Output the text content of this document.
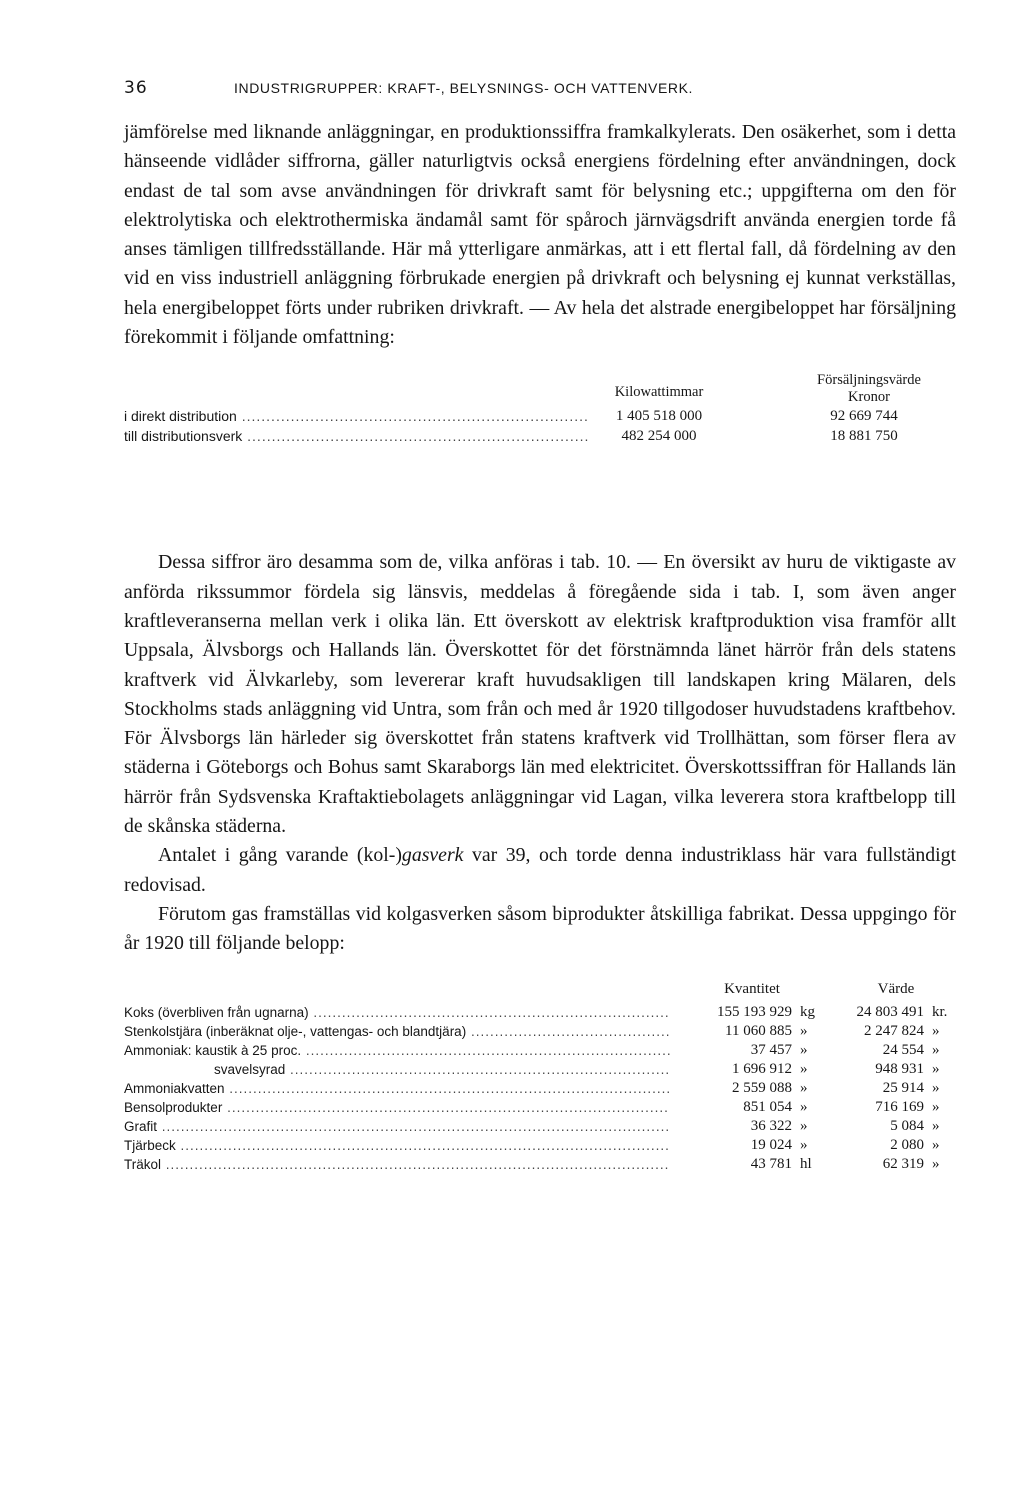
36	INDUSTRIGRUPPER: KRAFT-, BELYSNINGS- OCH VATTENVERK.

jämförelse med liknande anläggningar, en produktionssiffra framkalkylerats. Den osäkerhet, som i detta hänseende vidlåder siffrorna, gäller naturligtvis också energiens fördelning efter användningen, dock endast de tal som avse användningen för drivkraft samt för belysning etc.; uppgifterna om den för elektrolytiska och elektrothermiska ändamål samt för spåroch järnvägsdrift använda energien torde få anses tämligen tillfredsställande. Här må ytterligare anmärkas, att i ett flertal fall, då fördelning av den vid en viss industriell anläggning förbrukade energien på drivkraft och belysning ej kunnat verkställas, hela energibeloppet förts under rubriken drivkraft. — Av hela det alstrade energibeloppet har försäljning förekommit i följande omfattning:

Kilowattimmar
Försäljningsvärde
Kronor
i direkt distribution .....	1 405 518 000	92 669 744
till distributionsverk .....	482 254 000	18 881 750

Dessa siffror äro desamma som de, vilka anföras i tab. 10. — En översikt av huru de viktigaste av anförda rikssummor fördela sig länsvis, meddelas å föregående sida i tab. I, som även anger kraftleveranserna mellan verk i olika län. Ett överskott av elektrisk kraftproduktion visa framför allt Uppsala, Älvsborgs och Hallands län. Överskottet för det förstnämnda länet härrör från dels statens kraftverk vid Älvkarleby, som levererar kraft huvudsakligen till landskapen kring Mälaren, dels Stockholms stads anläggning vid Untra, som från och med år 1920 tillgodoser huvudstadens kraftbehov. För Älvsborgs län härleder sig överskottet från statens kraftverk vid Trollhättan, som förser flera av städerna i Göteborgs och Bohus samt Skaraborgs län med elektricitet. Överskottssiffran för Hallands län härrör från Sydsvenska Kraftaktiebolagets anläggningar vid Lagan, vilka leverera stora kraftbelopp till de skånska städerna.

Antalet i gång varande (kol-)gasverk var 39, och torde denna industriklass här vara fullständigt redovisad.

Förutom gas framställas vid kolgasverken såsom biprodukter åtskilliga fabrikat. Dessa uppgingo för år 1920 till följande belopp:

Kvantitet	Värde
Koks (överbliven från ugnarna) .....	155 193 929 kg	24 803 491 kr.
Stenkolstjära (inberäknat olje-, vattengas- och blandtjära) .....	11 060 885 »	2 247 824 »
Ammoniak: kaustik à 25 proc. .....	37 457 »	24 554 »
svavelsyrad .....	1 696 912 »	948 931 »
Ammoniakvatten .....	2 559 088 »	25 914 »
Bensolprodukter .....	851 054 »	716 169 »
Grafit .....	36 322 »	5 084 »
Tjärbeck .....	19 024 »	2 080 »
Träkol .....	43 781 hl	62 319 »
